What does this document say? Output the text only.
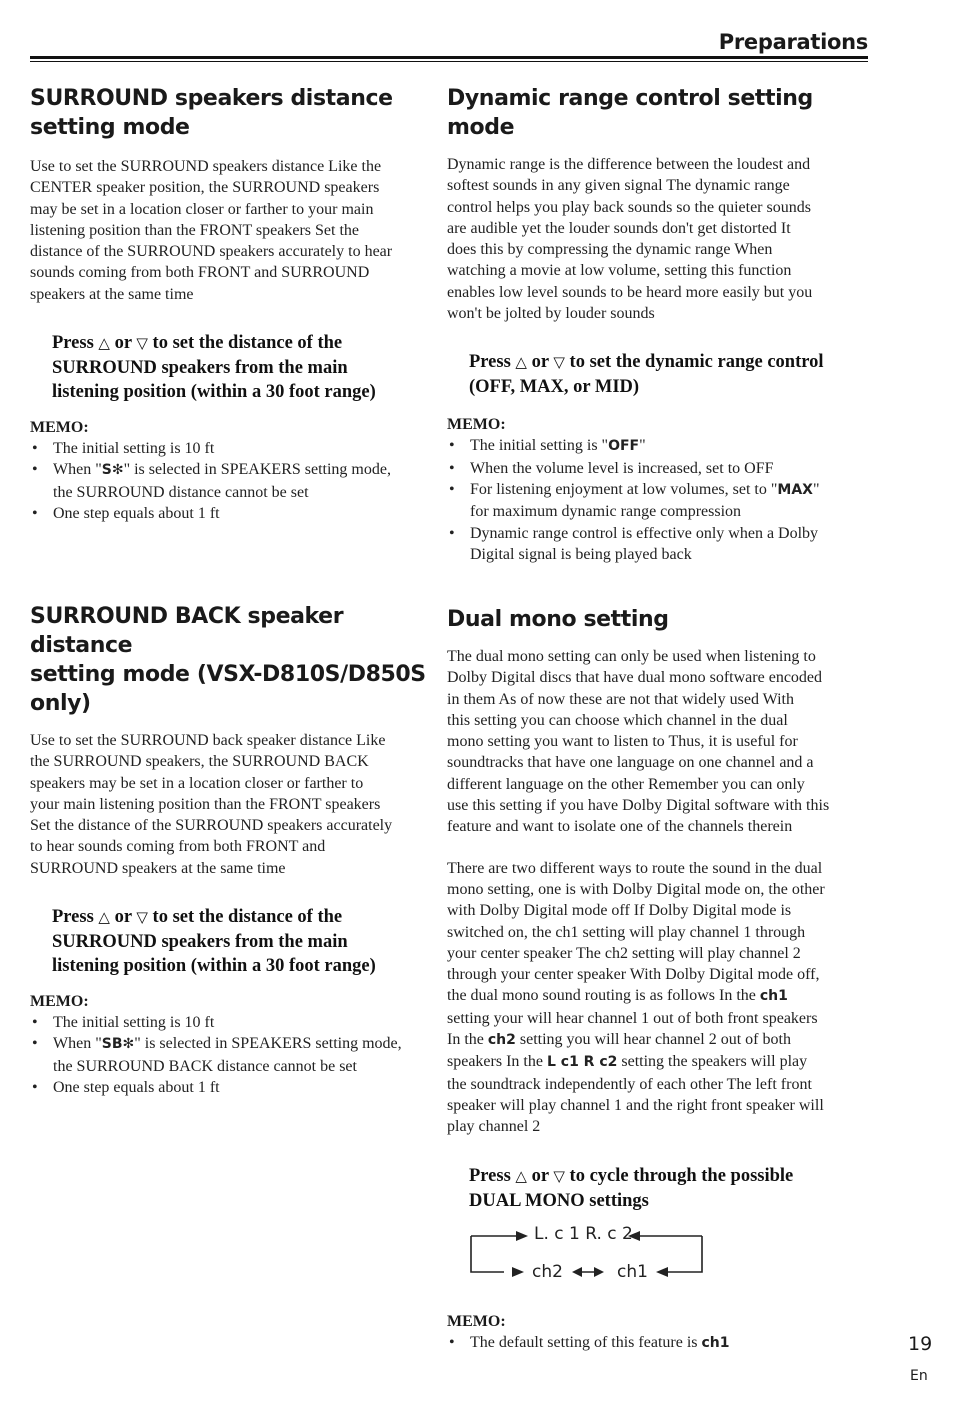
Preparations
SURROUND speakers distance
setting mode

Use to set the SURROUND speakers distance Like the
CENTER speaker position, the SURROUND speakers
may be set in a location closer or farther to your main
listening position than the FRONT speakers Set the
distance of the SURROUND speakers accurately to hear
sounds coming from both FRONT and SURROUND
speakers at the same time

Press △ or ▽ to set the distance of the
SURROUND speakers from the main
listening position (within a 30 foot range)
MEMO:
• The initial setting is 10 ft
• When "S✻" is selected in SPEAKERS setting mode,
the SURROUND distance cannot be set
• One step equals about 1 ft
SURROUND BACK speaker distance
setting mode (VSX-D810S/D850S
only)

Use to set the SURROUND back speaker distance Like
the SURROUND speakers, the SURROUND BACK
speakers may be set in a location closer or farther to
your main listening position than the FRONT speakers
Set the distance of the SURROUND speakers accurately
to hear sounds coming from both FRONT and
SURROUND speakers at the same time

Press △ or ▽ to set the distance of the
SURROUND speakers from the main
listening position (within a 30 foot range)
MEMO:
• The initial setting is 10 ft
• When "SB✻" is selected in SPEAKERS setting mode,
the SURROUND BACK distance cannot be set
• One step equals about 1 ft
Dynamic range control setting mode

Dynamic range is the difference between the loudest and
softest sounds in any given signal The dynamic range
control helps you play back sounds so the quieter sounds
are audible yet the louder sounds don't get distorted It
does this by compressing the dynamic range When
watching a movie at low volume, setting this function
enables low level sounds to be heard more easily but you
won't be jolted by louder sounds

Press △ or ▽ to set the dynamic range control
(OFF, MAX, or MID)
MEMO:
• The initial setting is "OFF"
• When the volume level is increased, set to OFF
• For listening enjoyment at low volumes, set to "MAX"
for maximum dynamic range compression
• Dynamic range control is effective only when a Dolby
Digital signal is being played back
Dual mono setting

The dual mono setting can only be used when listening to
Dolby Digital discs that have dual mono software encoded
in them As of now these are not that widely used With
this setting you can choose which channel in the dual
mono setting you want to listen to Thus, it is useful for
soundtracks that have one language on one channel and a
different language on the other Remember you can only
use this setting if you have Dolby Digital software with this
feature and want to isolate one of the channels therein

There are two different ways to route the sound in the dual
mono setting, one is with Dolby Digital mode on, the other
with Dolby Digital mode off If Dolby Digital mode is
switched on, the ch1 setting will play channel 1 through
your center speaker The ch2 setting will play channel 2
through your center speaker With Dolby Digital mode off,
the dual mono sound routing is as follows In the ch1
setting your will hear channel 1 out of both front speakers
In the ch2 setting you will hear channel 2 out of both
speakers In the L c1 R c2 setting the speakers will play
the soundtrack independently of each other The left front
speaker will play channel 1 and the right front speaker will
play channel 2

Press △ or ▽ to cycle through the possible
DUAL MONO settings
L. c 1 R. c 2
ch2	ch1
MEMO:
• The default setting of this feature is ch1	19
En
